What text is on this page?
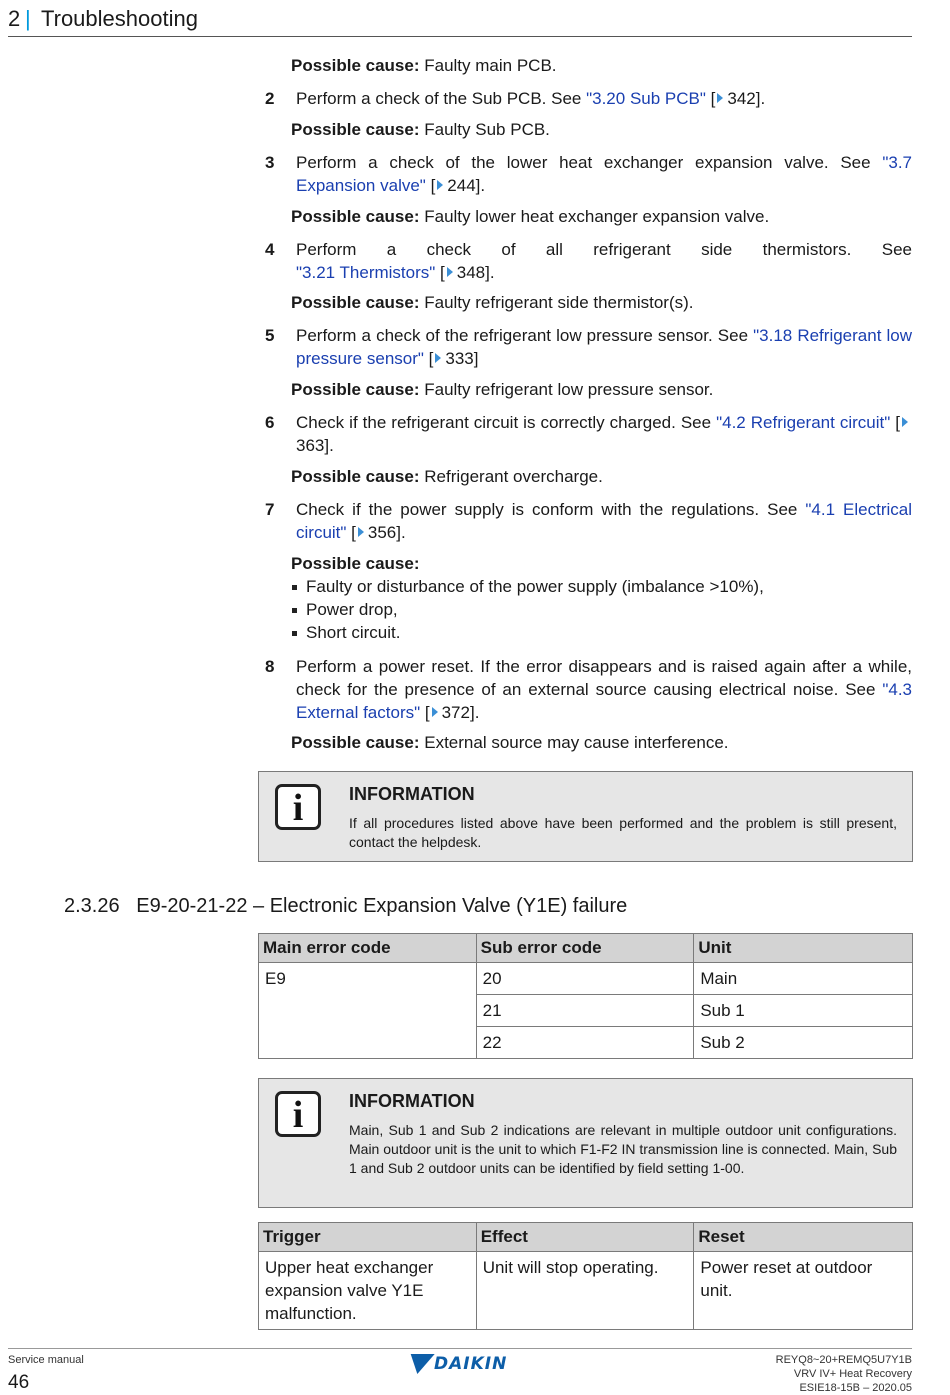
2 | Troubleshooting
Possible cause: Faulty main PCB.
2 Perform a check of the Sub PCB. See "3.20 Sub PCB" [ 342].
Possible cause: Faulty Sub PCB.
3 Perform a check of the lower heat exchanger expansion valve. See "3.7 Expansion valve" [ 244].
Possible cause: Faulty lower heat exchanger expansion valve.
4 Perform a check of all refrigerant side thermistors. See "3.21 Thermistors" [ 348].
Possible cause: Faulty refrigerant side thermistor(s).
5 Perform a check of the refrigerant low pressure sensor. See "3.18 Refrigerant low pressure sensor" [ 333]
Possible cause: Faulty refrigerant low pressure sensor.
6 Check if the refrigerant circuit is correctly charged. See "4.2 Refrigerant circuit" [363].
Possible cause: Refrigerant overcharge.
7 Check if the power supply is conform with the regulations. See "4.1 Electrical circuit" [ 356].
Possible cause:
Faulty or disturbance of the power supply (imbalance >10%),
Power drop,
Short circuit.
8 Perform a power reset. If the error disappears and is raised again after a while, check for the presence of an external source causing electrical noise. See "4.3 External factors" [ 372].
Possible cause: External source may cause interference.
i	INFORMATION
If all procedures listed above have been performed and the problem is still present, contact the helpdesk.
2.3.26   E9-20-21-22 – Electronic Expansion Valve (Y1E) failure
Main error code	Sub error code	Unit
E9	20	Main
	21	Sub 1
	22	Sub 2
i	INFORMATION
Main, Sub 1 and Sub 2 indications are relevant in multiple outdoor unit configurations. Main outdoor unit is the unit to which F1-F2 IN transmission line is connected. Main, Sub 1 and Sub 2 outdoor units can be identified by field setting 1-00.
Trigger	Effect	Reset
Upper heat exchanger expansion valve Y1E malfunction.	Unit will stop operating.	Power reset at outdoor unit.
Service manual
46
DAIKIN	REYQ8~20+REMQ5U7Y1B
VRV IV+ Heat Recovery
ESIE18-15B – 2020.05
